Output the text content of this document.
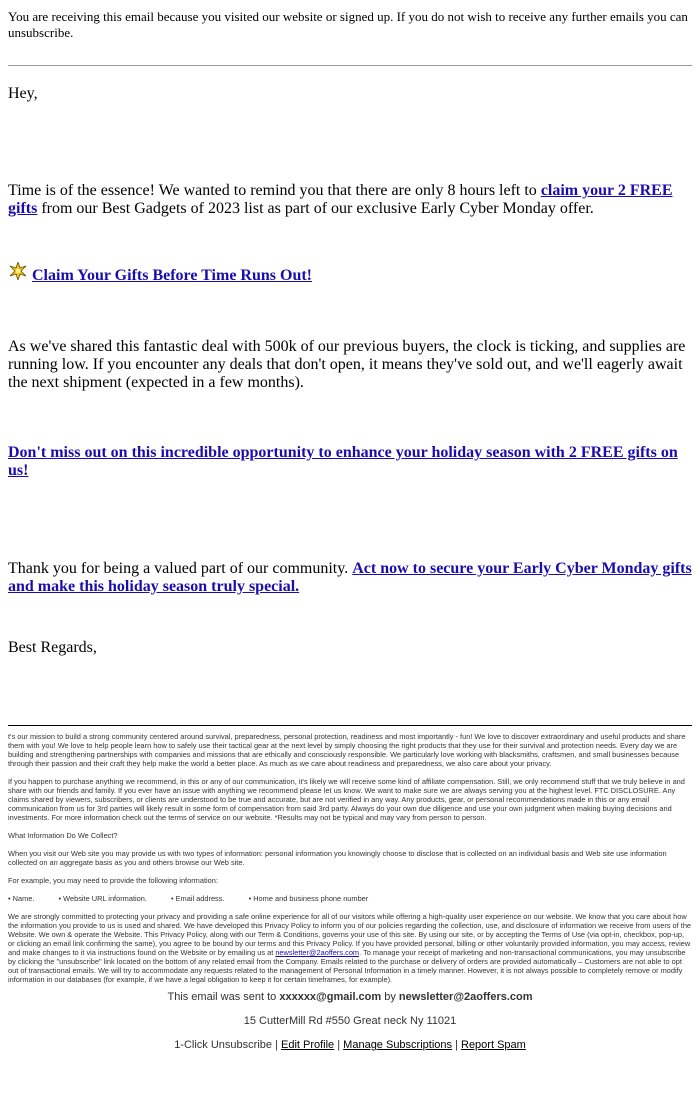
You are receiving this email because you visited our website or signed up. If you do not wish to receive any further emails you can unsubscribe.

Hey,

Time is of the essence! We wanted to remind you that there are only 8 hours left to claim your 2 FREE gifts from our Best Gadgets of 2023 list as part of our exclusive Early Cyber Monday offer.

Claim Your Gifts Before Time Runs Out!

As we've shared this fantastic deal with 500k of our previous buyers, the clock is ticking, and supplies are running low. If you encounter any deals that don't open, it means they've sold out, and we'll eagerly await the next shipment (expected in a few months).

Don't miss out on this incredible opportunity to enhance your holiday season with 2 FREE gifts on us!

Thank you for being a valued part of our community. Act now to secure your Early Cyber Monday gifts and make this holiday season truly special.

Best Regards,

t's our mission to build a strong community centered around survival, preparedness, personal protection, readiness and most importantly - fun! We love to discover extraordinary and useful products and share them with you! We love to help people learn how to safely use their tactical gear at the next level by simply choosing the right products that they use for their survival and protection needs. Every day we are building and strengthening partnerships with companies and missions that are ethically and consciously responsible. We particularly love working with blacksmiths, craftsmen, and small businesses because through their passion and their craft they help make the world a better place. As much as we care about readiness and preparedness, we also care about your privacy.

If you happen to purchase anything we recommend, in this or any of our communication, it's likely we will receive some kind of affiliate compensation. Still, we only recommend stuff that we truly believe in and share with our friends and family. If you ever have an issue with anything we recommend please let us know. We want to make sure we are always serving you at the highest level. FTC DISCLOSURE. Any claims shared by viewers, subscribers, or clients are understood to be true and accurate, but are not verified in any way. Any products, gear, or personal recommendations made in this or any email communication from us for 3rd parties will likely result in some form of compensation from said 3rd party. Always do your own due diligence and use your own judgment when making buying decisions and investments. For more information check out the terms of service on our website. *Results may not be typical and may vary from person to person.

What Information Do We Collect?

When you visit our Web site you may provide us with two types of information: personal information you knowingly choose to disclose that is collected on an individual basis and Web site use information collected on an aggregate basis as you and others browse our Web site.

For example, you may need to provide the following information:

• Name.	• Website URL information.	• Email address.	• Home and business phone number

We are strongly committed to protecting your privacy and providing a safe online experience for all of our visitors while offering a high-quality user experience on our website. We know that you care about how the information you provide to us is used and shared. We have developed this Privacy Policy to inform you of our policies regarding the collection, use, and disclosure of information we receive from users of the Website. We own & operate the Website. This Privacy Policy, along with our Term & Conditions, governs your use of this site. By using our site, or by accepting the Terms of Use (via opt-in, checkbox, pop-up, or clicking an email link confirming the same), you agree to be bound by our terms and this Privacy Policy. If you have provided personal, billing or other voluntarily provided information, you may access, review and make changes to it via instructions found on the Website or by emailing us at newsletter@2aoffers.com. To manage your receipt of marketing and non-transactional communications, you may unsubscribe by clicking the "unsubscribe" link located on the bottom of any related email from the Company. Emails related to the purchase or delivery of orders are provided automatically – Customers are not able to opt out of transactional emails. We will try to accommodate any requests related to the management of Personal Information in a timely manner. However, it is not always possible to completely remove or modify information in our databases (for example, if we have a legal obligation to keep it for certain timeframes, for example).

This email was sent to xxxxxx@gmail.com by newsletter@2aoffers.com
15 CutterMill Rd #550 Great neck Ny 11021
1-Click Unsubscribe | Edit Profile | Manage Subscriptions | Report Spam
